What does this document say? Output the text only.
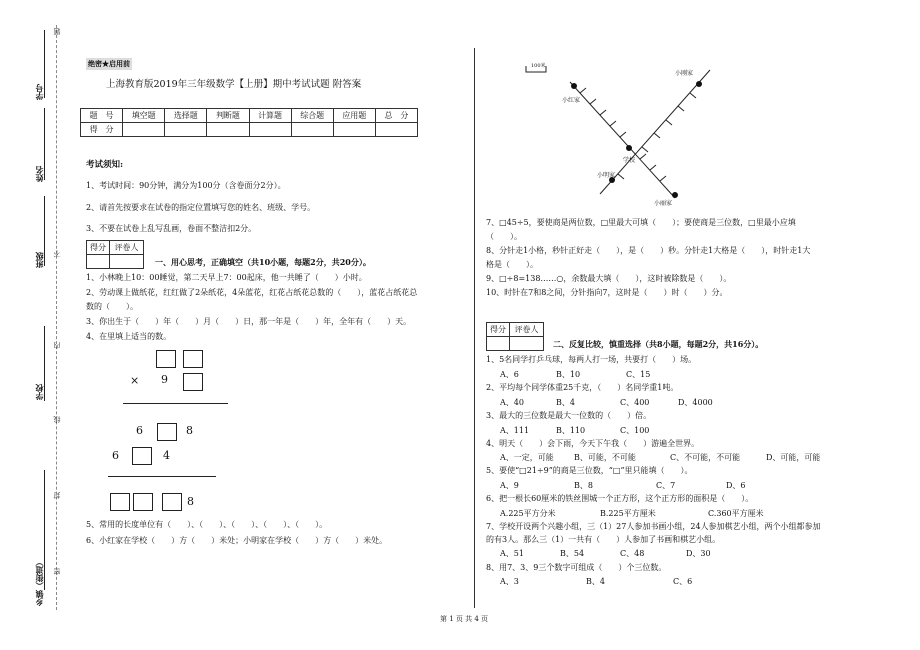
学号
姓名
班级
学校
乡镇（街道）
题
不
内
线
封
密
绝密★启用前
上海教育版2019年三年级数学【上册】期中考试试题 附答案
题　号	填空题	选择题	判断题	计算题	综合题	应用题	总　分
得　分							
考试须知:
1、考试时间：90分钟，满分为100分（含卷面分2分）。
2、请首先按要求在试卷的指定位置填写您的姓名、班级、学号。
3、不要在试卷上乱写乱画，卷面不整洁扣2分。
得分	评卷人

一、用心思考，正确填空（共10小题，每题2分，共20分）。
1、小林晚上10：00睡觉，第二天早上7：00起床，他一共睡了（　　）小时。
2、劳动课上做纸花，红红做了2朵纸花，4朵蓝花，红花占纸花总数的（　　），蓝花占纸花总
数的（　　）。
3、你出生于（　　）年（　　）月（　　）日，那一年是（　　）年，全年有（　　）天。
4、在里填上适当的数。
× 9
6	8
6	4
8
5、常用的长度单位有（　　）、（　　）、（　　）、（　　）、（　　）。
6、小红家在学校（　　）方（　　）米处；小明家在学校（　　）方（　　）米处。
100米
小刚家
小红家
学校
小明家
小丽家
7、□45÷5，要使商是两位数，□里最大可填（　　）；要使商是三位数，□里最小应填
（　　）。
8、分针走1小格，秒针正好走（　　），是（　　）秒。分针走1大格是（　　），时针走1大
格是（　　）。
9、□÷8=138……○，余数最大填（　　），这时被除数是（　　）。
10、时针在7和8之间，分针指向7，这时是（　　）时（　　）分。
得分	评卷人

二、反复比较，慎重选择（共8小题，每题2分，共16分）。
1、5名同学打乒乓球，每两人打一场，共要打（　　）场。
A、6	B、10	C、15
2、平均每个同学体重25千克，（　　）名同学重1吨。
A、40	B、4	C、400	D、4000
3、最大的三位数是最大一位数的（　　）倍。
A、111	B、110	C、100
4、明天（　　）会下雨，今天下午我（　　）游遍全世界。
A、一定，可能	B、可能，不可能	C、不可能，不可能	D、可能，可能
5、要使“□21÷9”的商是三位数，“□”里只能填（　　）。
A、9	B、8	C、7	D、6
6、把一根长60厘米的铁丝围城一个正方形，这个正方形的面积是（　　）。
A.225平方分米	B.225平方厘米	C.360平方厘米
7、学校开设两个兴趣小组，三（1）27人参加书画小组，24人参加棋艺小组，两个小组都参加
的有3人。那么三（1）一共有（　　）人参加了书画和棋艺小组。
A、51	B、54	C、48	D、30
8、用7、3、9三个数字可组成（　　）个三位数。
A、3	B、4	C、6
第 1 页 共 4 页
